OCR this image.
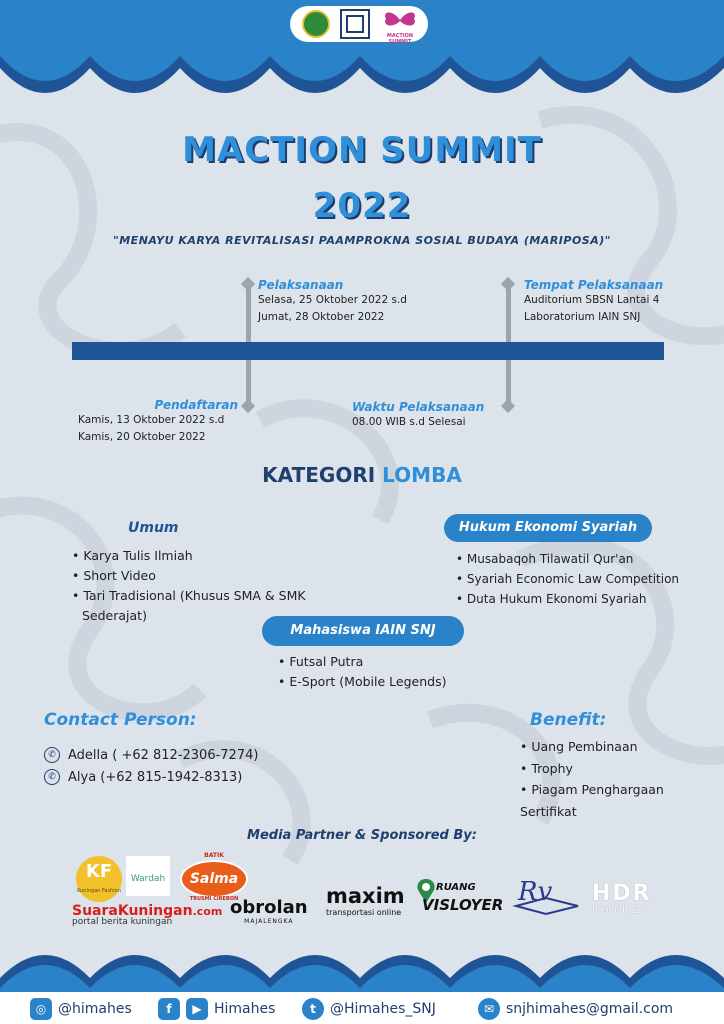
MACTION SUMMIT
MACTION SUMMIT
2022
"MENAYU KARYA REVITALISASI PAAMPROKNA SOSIAL BUDAYA (MARIPOSA)"
Pelaksanaan
Selasa, 25 Oktober 2022 s.d
Jumat, 28 Oktober 2022
Tempat Pelaksanaan
Auditorium SBSN Lantai 4
Laboratorium IAIN SNJ
Pendaftaran
Kamis, 13 Oktober 2022 s.d
Kamis, 20 Oktober 2022
Waktu Pelaksanaan
08.00 WIB s.d Selesai
KATEGORI LOMBA
Umum
• Karya Tulis Ilmiah
• Short Video
• Tari Tradisional (Khusus SMA & SMK
Sederajat)
Hukum Ekonomi Syariah
• Musabaqoh Tilawatil Qur'an
• Syariah Economic Law Competition
• Duta Hukum Ekonomi Syariah
Mahasiswa IAIN SNJ
• Futsal Putra
• E-Sport (Mobile Legends)
Contact Person:
✆ Adella ( +62 812-2306-7274)
✆ Alya (+62 815-1942-8313)
Benefit:
• Uang Pembinaan
• Trophy
• Piagam Penghargaan
Sertifikat
Media Partner & Sponsored By:
KF
Kuningan Fashion
Wardah
BATIK
Salma
TRUSMI CIREBON
SuaraKuningan.com
portal berita kuningan
obrolan
MAJALENGKA
maxim
transportasi online
RUANG
VISLOYER Rv HDR
POTRET
◎ @himahes	f	▶ Himahes	t	@Himahes_SNJ	✉ snjhimahes@gmail.com
